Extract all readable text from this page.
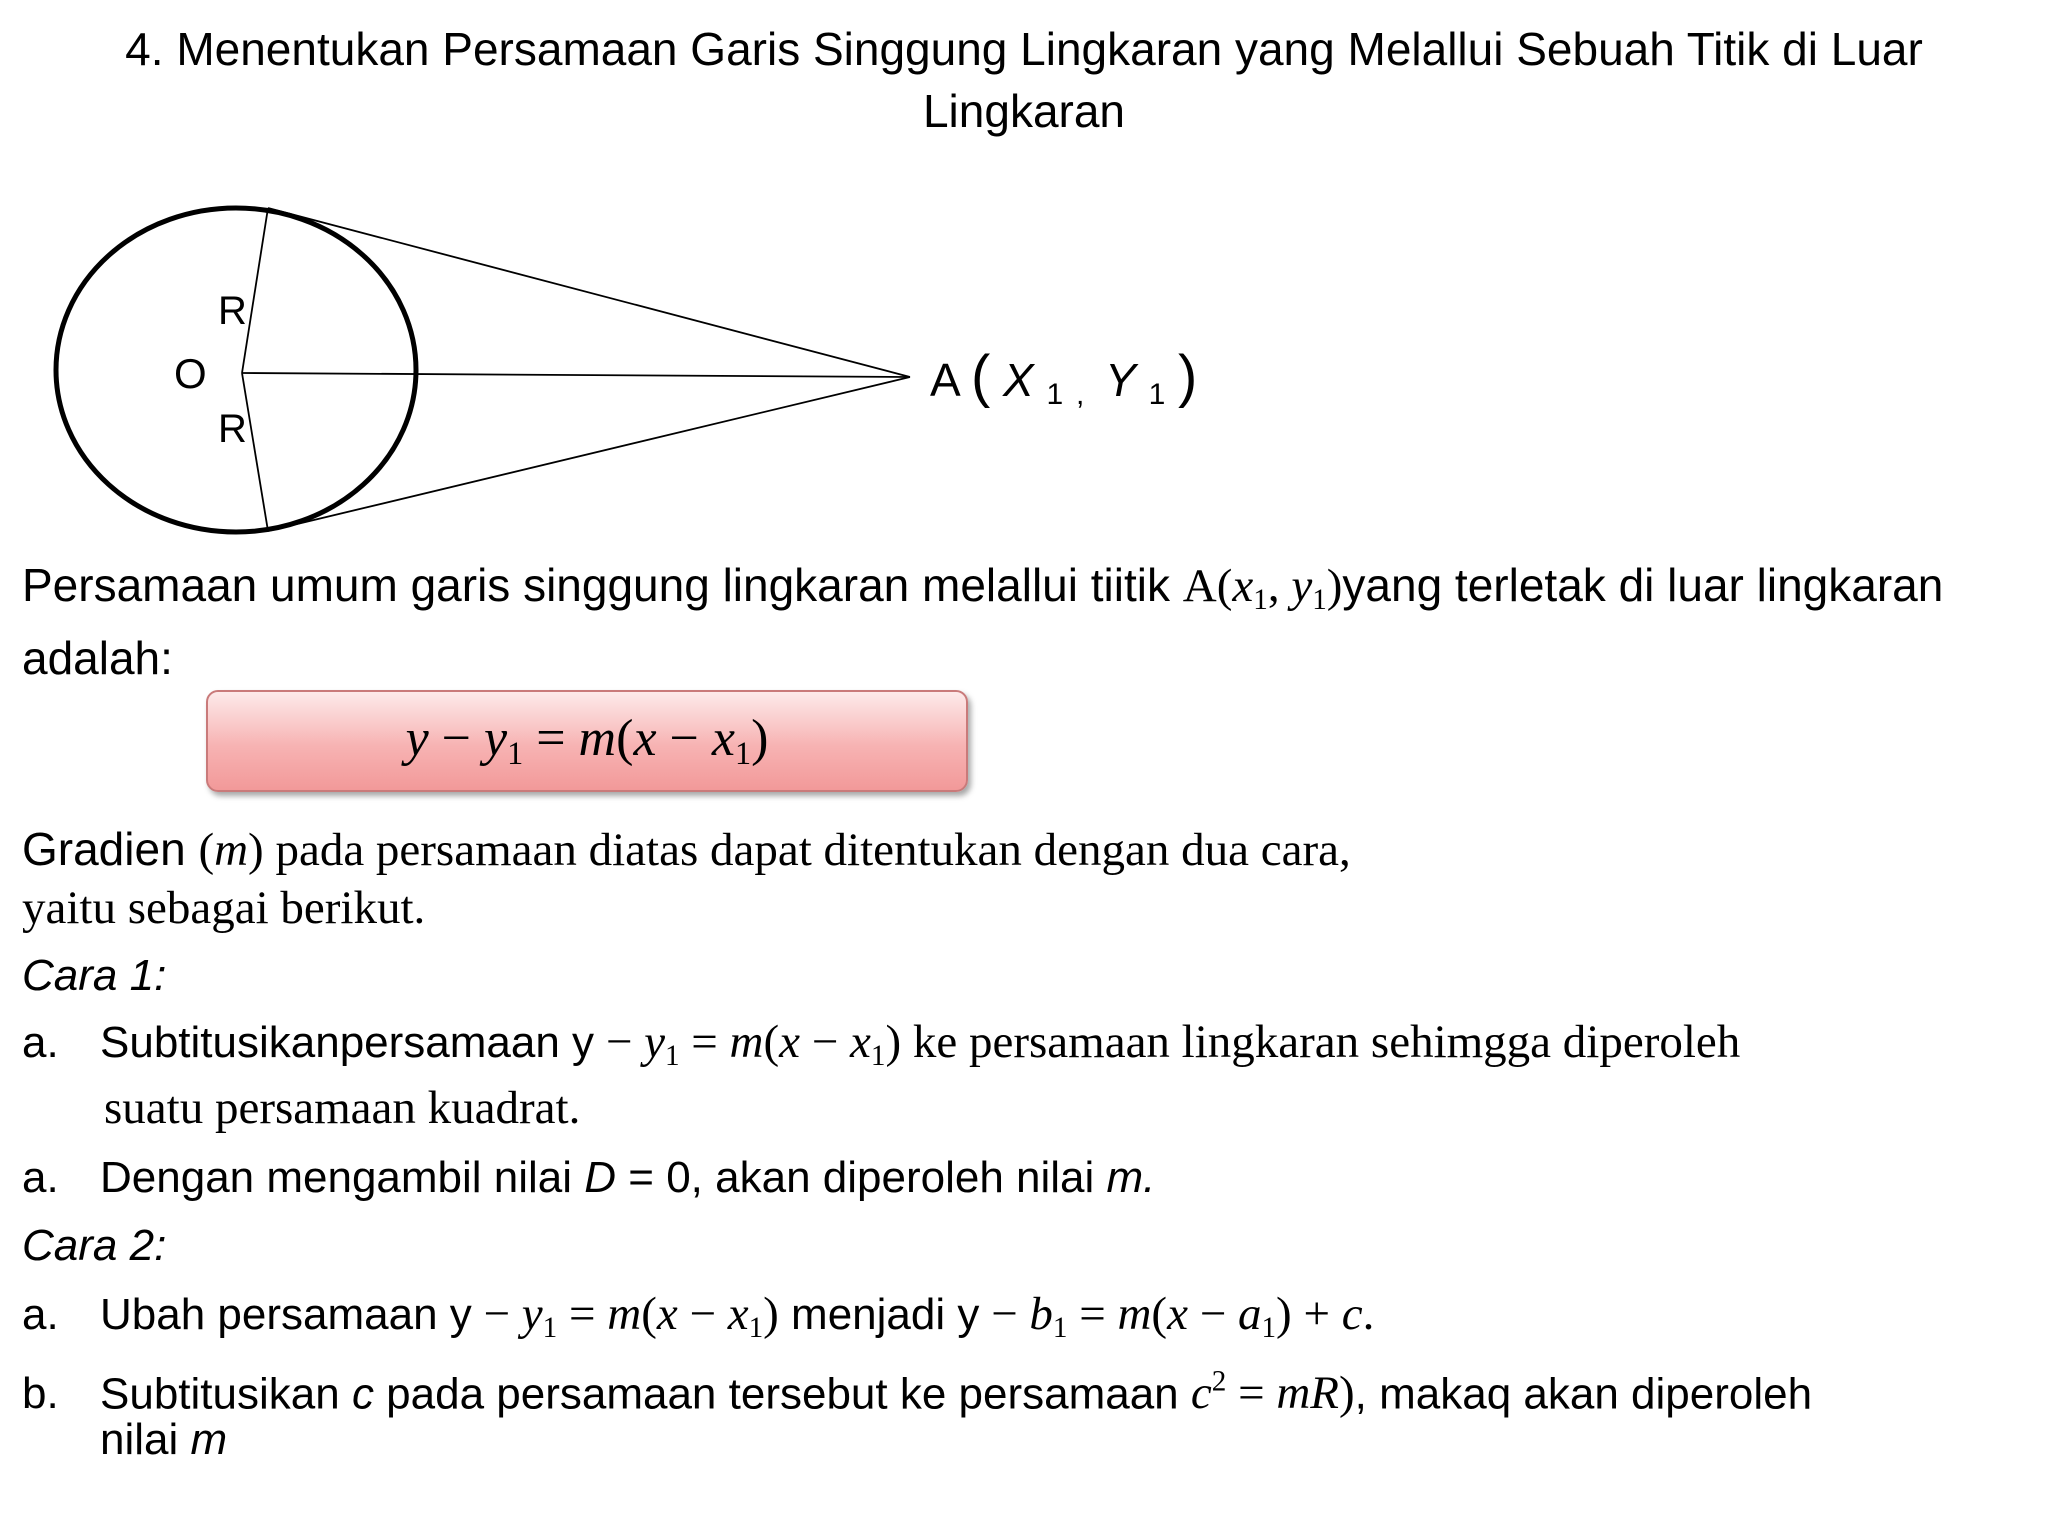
4. Menentukan Persamaan Garis Singgung Lingkaran yang Melallui Sebuah Titik di Luar
Lingkaran
O
R
R
A ( X 1 , Y 1 )
Persamaan umum garis singgung lingkaran melallui tiitik $A(x_1$, $y_1)yang$ terletak di luar lingkaran
adalah:
$y - y_1 = m(x - x_1)$
Gradien (m) pada persamaan diatas dapat ditentukan dengan dua cara,
yaitu sebagai berikut.
Cara 1:
a. Subtitusikanpersamaan $y - y_1 = m(x - x_1)$ ke persamaan lingkaran sehimgga diperoleh
suatu persamaan kuadrat.
a. Dengan mengambil nilai D = 0, akan diperoleh nilai m.
Cara 2:
a. Ubah persamaan $y - y_1 = m(x - x_1)$ menjadi $y - b_1 = m(x - a_1) + c$.
b. Subtitusikan c pada persamaan tersebut ke persamaan $c^2 = mR$), makaq akan diperoleh
nilai m
